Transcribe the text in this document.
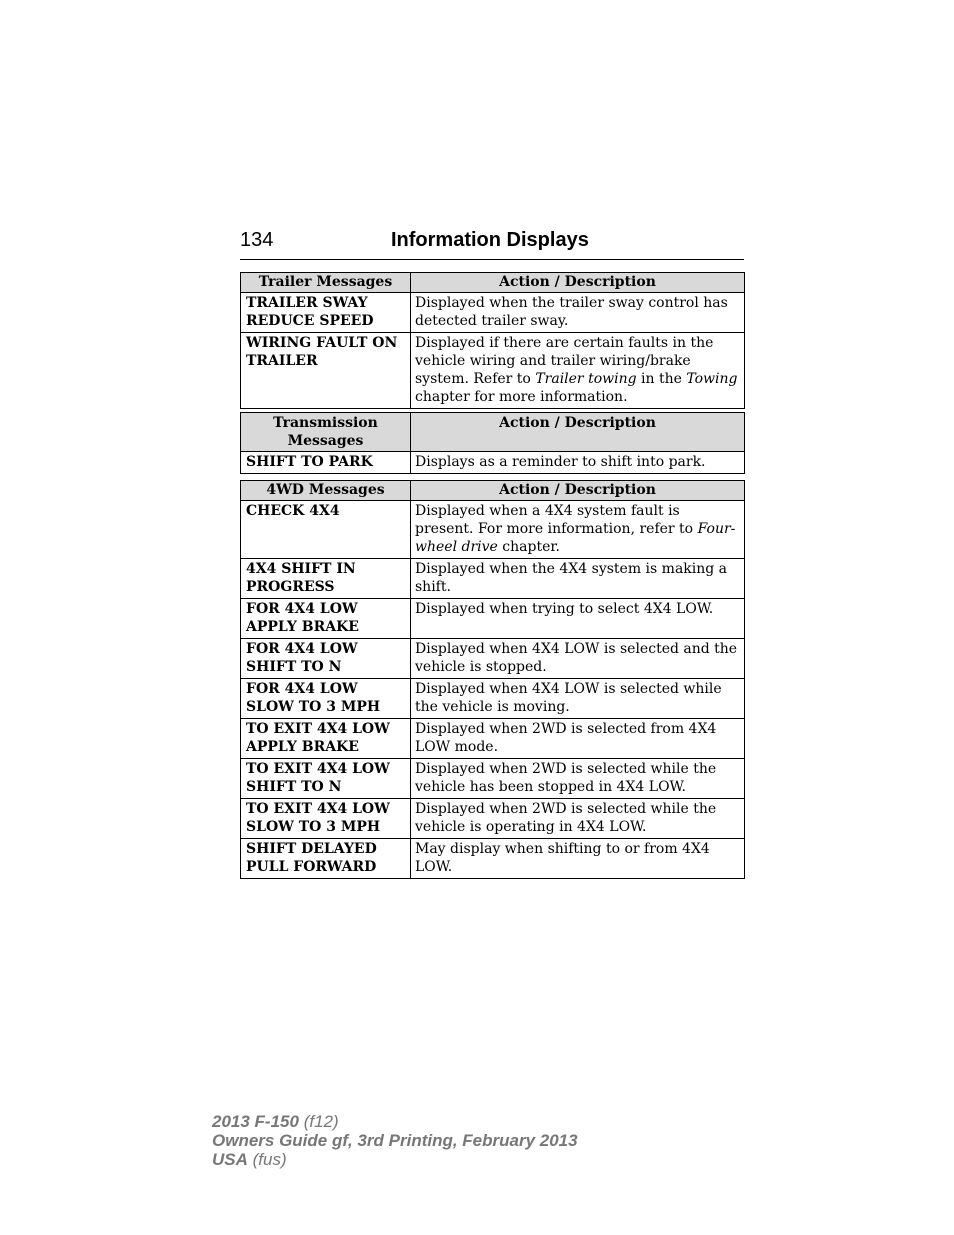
134	Information Displays
Trailer Messages	Action / Description
TRAILER SWAY REDUCE SPEED	Displayed when the trailer sway control has detected trailer sway.
WIRING FAULT ON TRAILER	Displayed if there are certain faults in the vehicle wiring and trailer wiring/brake system. Refer to Trailer towing in the Towing chapter for more information.
Transmission Messages	Action / Description
SHIFT TO PARK	Displays as a reminder to shift into park.
4WD Messages	Action / Description
CHECK 4X4	Displayed when a 4X4 system fault is present. For more information, refer to Four-wheel drive chapter.
4X4 SHIFT IN PROGRESS	Displayed when the 4X4 system is making a shift.
FOR 4X4 LOW APPLY BRAKE	Displayed when trying to select 4X4 LOW.
FOR 4X4 LOW SHIFT TO N	Displayed when 4X4 LOW is selected and the vehicle is stopped.
FOR 4X4 LOW SLOW TO 3 MPH	Displayed when 4X4 LOW is selected while the vehicle is moving.
TO EXIT 4X4 LOW APPLY BRAKE	Displayed when 2WD is selected from 4X4 LOW mode.
TO EXIT 4X4 LOW SHIFT TO N	Displayed when 2WD is selected while the vehicle has been stopped in 4X4 LOW.
TO EXIT 4X4 LOW SLOW TO 3 MPH	Displayed when 2WD is selected while the vehicle is operating in 4X4 LOW.
SHIFT DELAYED PULL FORWARD	May display when shifting to or from 4X4 LOW.
2013 F-150 (f12)
Owners Guide gf, 3rd Printing, February 2013
USA (fus)
